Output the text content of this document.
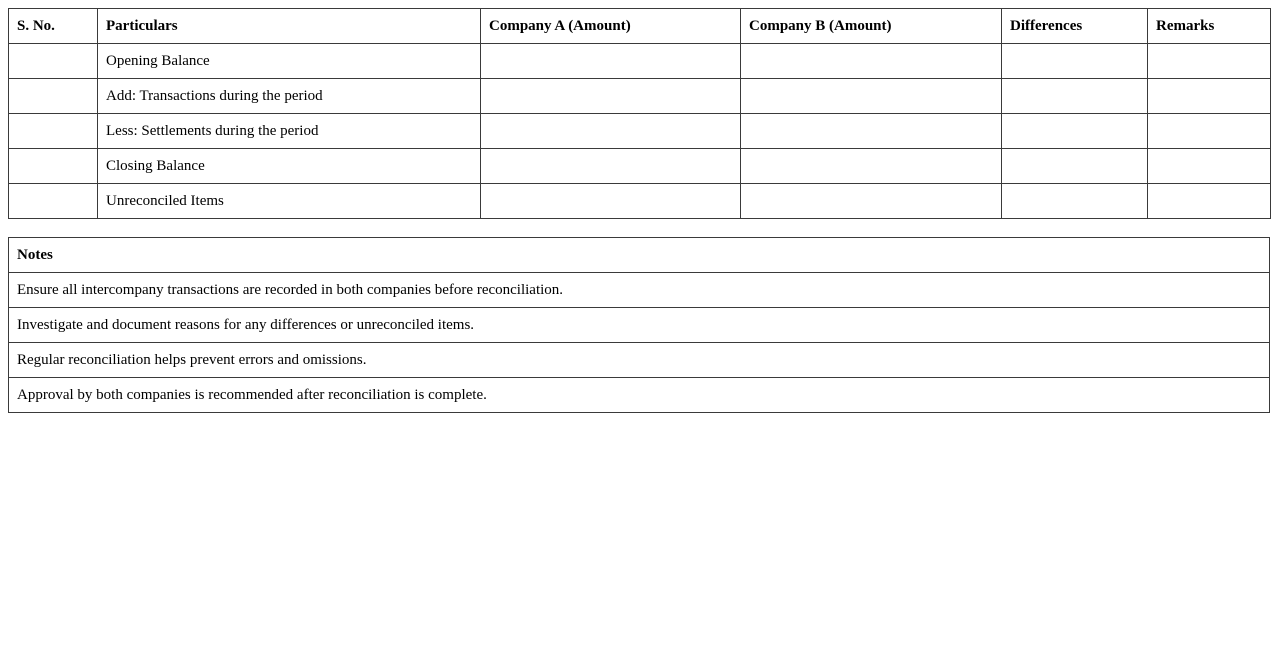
S. No.	Particulars	Company A (Amount)	Company B (Amount)	Differences	Remarks
	Opening Balance				
	Add: Transactions during the period				
	Less: Settlements during the period				
	Closing Balance				
	Unreconciled Items				
Notes
Ensure all intercompany transactions are recorded in both companies before reconciliation.
Investigate and document reasons for any differences or unreconciled items.
Regular reconciliation helps prevent errors and omissions.
Approval by both companies is recommended after reconciliation is complete.
